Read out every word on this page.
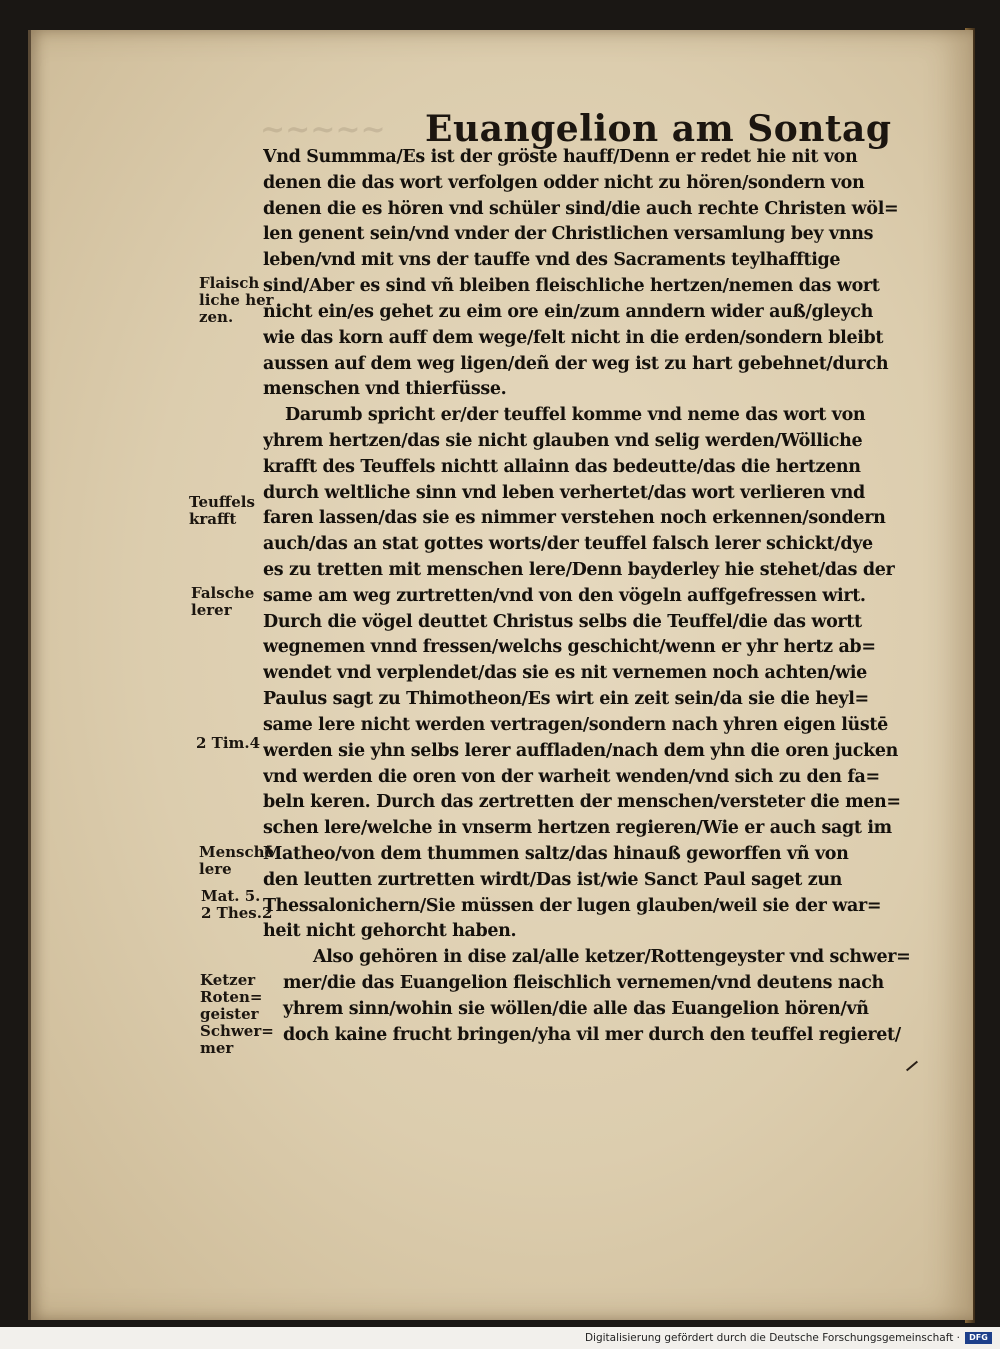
~~~~~	Euangelion am Sontag
Vnd Summma/Es ist der gröste hauff/Denn er redet hie nit von
denen die das wort verfolgen odder nicht zu hören/sondern von
denen die es hören vnd schüler sind/die auch rechte Christen wöl=
len genent sein/vnd vnder der Christlichen versamlung bey vnns
leben/vnd mit vns der tauffe vnd des Sacraments teylhafftige
sind/Aber es sind vñ bleiben fleischliche hertzen/nemen das wort
nicht ein/es gehet zu eim ore ein/zum anndern wider auß/gleych
wie das korn auff dem wege/felt nicht in die erden/sondern bleibt
aussen auf dem weg ligen/deñ der weg ist zu hart gebehnet/durch
menschen vnd thierfüsse.
Darumb spricht er/der teuffel komme vnd neme das wort von
yhrem hertzen/das sie nicht glauben vnd selig werden/Wölliche
krafft des Teuffels nichtt allainn das bedeutte/das die hertzenn
durch weltliche sinn vnd leben verhertet/das wort verlieren vnd
faren lassen/das sie es nimmer verstehen noch erkennen/sondern
auch/das an stat gottes worts/der teuffel falsch lerer schickt/dye
es zu tretten mit menschen lere/Denn bayderley hie stehet/das der
same am weg zurtretten/vnd von den vögeln auffgefressen wirt.
Durch die vögel deuttet Christus selbs die Teuffel/die das wortt
wegnemen vnnd fressen/welchs geschicht/wenn er yhr hertz ab=
wendet vnd verplendet/das sie es nit vernemen noch achten/wie
Paulus sagt zu Thimotheon/Es wirt ein zeit sein/da sie die heyl=
same lere nicht werden vertragen/sondern nach yhren eigen lüstē
werden sie yhn selbs lerer auffladen/nach dem yhn die oren jucken
vnd werden die oren von der warheit wenden/vnd sich zu den fa=
beln keren. Durch das zertretten der menschen/versteter die men=
schen lere/welche in vnserm hertzen regieren/Wie er auch sagt im
Matheo/von dem thummen saltz/das hinauß geworffen vñ von
den leutten zurtretten wirdt/Das ist/wie Sanct Paul saget zun
Thessalonichern/Sie müssen der lugen glauben/weil sie der war=
heit nicht gehorcht haben.
Also gehören in dise zal/alle ketzer/Rottengeyster vnd schwer=
mer/die das Euangelion fleischlich vernemen/vnd deutens nach
yhrem sinn/wohin sie wöllen/die alle das Euangelion hören/vñ
doch kaine frucht bringen/yha vil mer durch den teuffel regieret/
Flaisch
liche her
zen.
Teuffels
krafft
Falsche
lerer
2 Tim.4
Menschē
lere
Mat. 5.
2 Thes.2
Ketzer
Roten=
geister
Schwer=
mer
Digitalisierung gefördert durch die Deutsche Forschungsgemeinschaft ·	DFG
